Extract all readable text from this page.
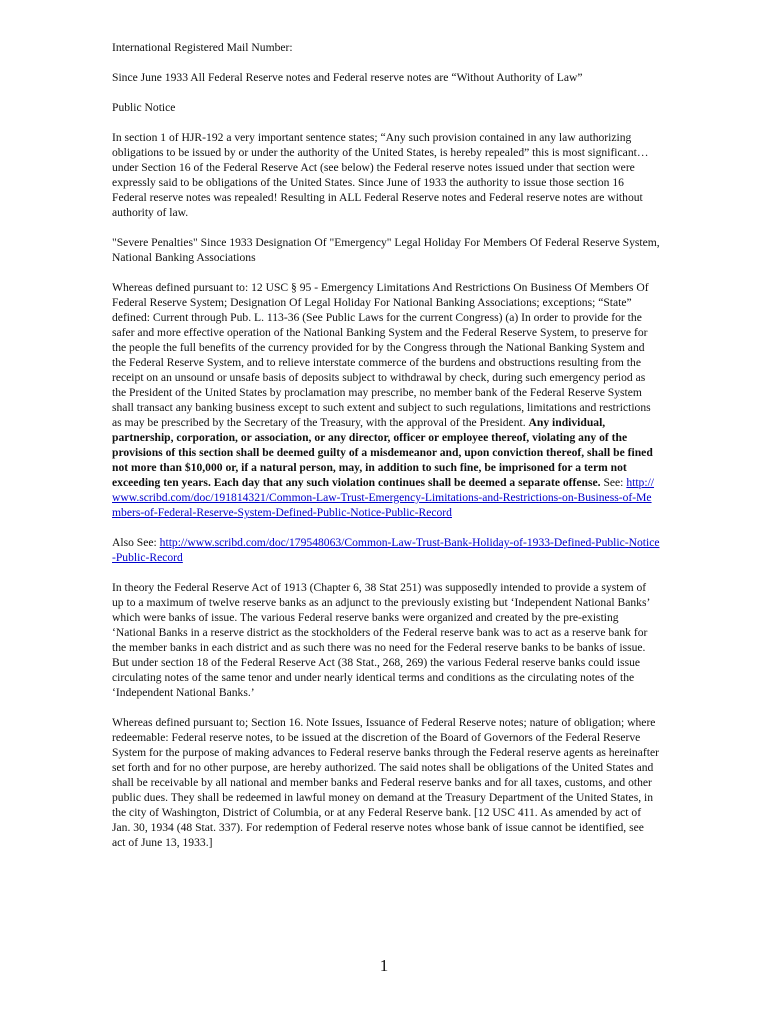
International Registered Mail Number:

Since June 1933 All Federal Reserve notes and Federal reserve notes are “Without Authority of Law”

Public Notice

In section 1 of HJR-192 a very important sentence states; “Any such provision contained in any law authorizing obligations to be issued by or under the authority of the United States, is hereby repealed” this is most significant… under Section 16 of the Federal Reserve Act (see below) the Federal reserve notes issued under that section were expressly said to be obligations of the United States. Since June of 1933 the authority to issue those section 16 Federal reserve notes was repealed! Resulting in ALL Federal Reserve notes and Federal reserve notes are without authority of law.

"Severe Penalties" Since 1933 Designation Of "Emergency" Legal Holiday For Members Of Federal Reserve System, National Banking Associations

Whereas defined pursuant to: 12 USC § 95 - Emergency Limitations And Restrictions On Business Of Members Of Federal Reserve System; Designation Of Legal Holiday For National Banking Associations; exceptions; “State” defined: Current through Pub. L. 113-36 (See Public Laws for the current Congress) (a) In order to provide for the safer and more effective operation of the National Banking System and the Federal Reserve System, to preserve for the people the full benefits of the currency provided for by the Congress through the National Banking System and the Federal Reserve System, and to relieve interstate commerce of the burdens and obstructions resulting from the receipt on an unsound or unsafe basis of deposits subject to withdrawal by check, during such emergency period as the President of the United States by proclamation may prescribe, no member bank of the Federal Reserve System shall transact any banking business except to such extent and subject to such regulations, limitations and restrictions as may be prescribed by the Secretary of the Treasury, with the approval of the President. Any individual, partnership, corporation, or association, or any director, officer or employee thereof, violating any of the provisions of this section shall be deemed guilty of a misdemeanor and, upon conviction thereof, shall be fined not more than $10,000 or, if a natural person, may, in addition to such fine, be imprisoned for a term not exceeding ten years. Each day that any such violation continues shall be deemed a separate offense. See: http://www.scribd.com/doc/191814321/Common-Law-Trust-Emergency-Limitations-and-Restrictions-on-Business-of-Members-of-Federal-Reserve-System-Defined-Public-Notice-Public-Record

Also See: http://www.scribd.com/doc/179548063/Common-Law-Trust-Bank-Holiday-of-1933-Defined-Public-Notice-Public-Record

In theory the Federal Reserve Act of 1913 (Chapter 6, 38 Stat 251) was supposedly intended to provide a system of up to a maximum of twelve reserve banks as an adjunct to the previously existing but ‘Independent National Banks’ which were banks of issue. The various Federal reserve banks were organized and created by the pre-existing ‘National Banks in a reserve district as the stockholders of the Federal reserve bank was to act as a reserve bank for the member banks in each district and as such there was no need for the Federal reserve banks to be banks of issue. But under section 18 of the Federal Reserve Act (38 Stat., 268, 269) the various Federal reserve banks could issue circulating notes of the same tenor and under nearly identical terms and conditions as the circulating notes of the ‘Independent National Banks.’

Whereas defined pursuant to; Section 16. Note Issues, Issuance of Federal Reserve notes; nature of obligation; where redeemable: Federal reserve notes, to be issued at the discretion of the Board of Governors of the Federal Reserve System for the purpose of making advances to Federal reserve banks through the Federal reserve agents as hereinafter set forth and for no other purpose, are hereby authorized. The said notes shall be obligations of the United States and shall be receivable by all national and member banks and Federal reserve banks and for all taxes, customs, and other public dues. They shall be redeemed in lawful money on demand at the Treasury Department of the United States, in the city of Washington, District of Columbia, or at any Federal Reserve bank. [12 USC 411. As amended by act of Jan. 30, 1934 (48 Stat. 337). For redemption of Federal reserve notes whose bank of issue cannot be identified, see act of June 13, 1933.]

1
